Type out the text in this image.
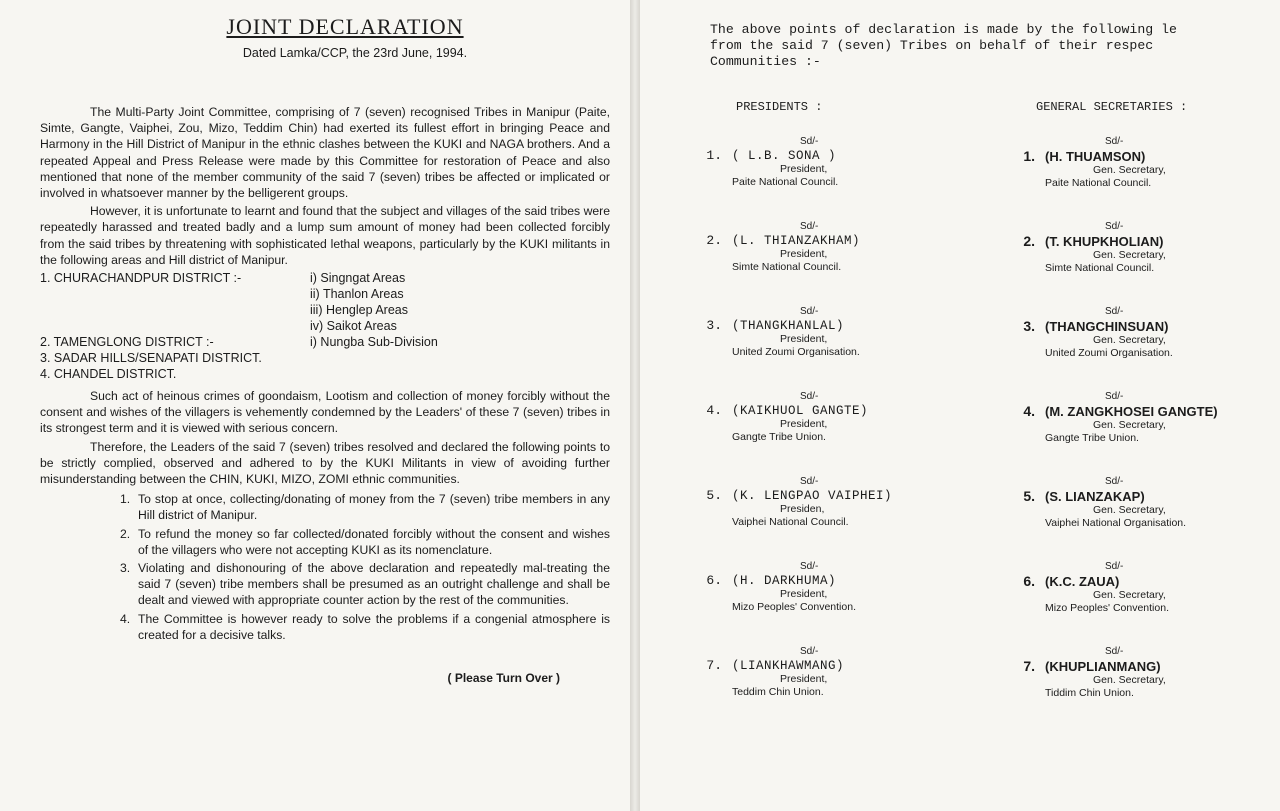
JOINT DECLARATION
Dated Lamka/CCP, the 23rd June, 1994.

The Multi-Party Joint Committee, comprising of 7 (seven) recognised Tribes in Manipur (Paite, Simte, Gangte, Vaiphei, Zou, Mizo, Teddim Chin) had exerted its fullest effort in bringing Peace and Harmony in the Hill District of Manipur in the ethnic clashes between the KUKI and NAGA brothers. And a repeated Appeal and Press Release were made by this Committee for restoration of Peace and also mentioned that none of the member community of the said 7 (seven) tribes be affected or implicated or involved in whatsoever manner by the belligerent groups.

However, it is unfortunate to learnt and found that the subject and villages of the said tribes were repeatedly harassed and treated badly and a lump sum amount of money had been collected forcibly from the said tribes by threatening with sophisticated lethal weapons, particularly by the KUKI militants in the following areas and Hill district of Manipur.

1. CHURACHANDPUR DISTRICT :-	i) Singngat Areas
ii) Thanlon Areas
iii) Henglep Areas
iv) Saikot Areas
2. TAMENGLONG DISTRICT :-	i) Nungba Sub-Division
3. SADAR HILLS/SENAPATI DISTRICT.
4. CHANDEL DISTRICT.

Such act of heinous crimes of goondaism, Lootism and collection of money forcibly without the consent and wishes of the villagers is vehemently condemned by the Leaders' of these 7 (seven) tribes in its strongest term and it is viewed with serious concern.

Therefore, the Leaders of the said 7 (seven) tribes resolved and declared the following points to be strictly complied, observed and adhered to by the KUKI Militants in view of avoiding further misunderstanding between the CHIN, KUKI, MIZO, ZOMI ethnic communities.

1. To stop at once, collecting/donating of money from the 7 (seven) tribe members in any Hill district of Manipur.
2. To refund the money so far collected/donated forcibly without the consent and wishes of the villagers who were not accepting KUKI as its nomenclature.
3. Violating and dishonouring of the above declaration and repeatedly mal-treating the said 7 (seven) tribe members shall be presumed as an outright challenge and shall be dealt and viewed with appropriate counter action by the rest of the communities.
4. The Committee is however ready to solve the problems if a congenial atmosphere is created for a decisive talks.
( Please Turn Over )
The above points of declaration is made by the following le
from the said 7 (seven) Tribes on behalf of their respec
Communities :-
PRESIDENTS :	GENERAL SECRETARIES :
Sd/-
1. ( L.B. SONA )
President,
Paite National Council.
Sd/-
1. (H. THUAMSON)
Gen. Secretary,
Paite National Council.
Sd/-
2. (L. THIANZAKHAM)
President,
Simte National Council.
Sd/-
2. (T. KHUPKHOLIAN)
Gen. Secretary,
Simte National Council.
Sd/-
3. (THANGKHANLAL)
President,
United Zoumi Organisation.
Sd/-
3. (THANGCHINSUAN)
Gen. Secretary,
United Zoumi Organisation.
Sd/-
4. (KAIKHUOL GANGTE)
President,
Gangte Tribe Union.
Sd/-
4. (M. ZANGKHOSEI GANGTE)
Gen. Secretary,
Gangte Tribe Union.
Sd/-
5. (K. LENGPAO VAIPHEI)
Presiden,
Vaiphei National Council.
Sd/-
5. (S. LIANZAKAP)
Gen. Secretary,
Vaiphei National Organisation.
Sd/-
6. (H. DARKHUMA)
President,
Mizo Peoples' Convention.
Sd/-
6. (K.C. ZAUA)
Gen. Secretary,
Mizo Peoples' Convention.
Sd/-
7. (LIANKHAWMANG)
President,
Teddim Chin Union.
Sd/-
7. (KHUPLIANMANG)
Gen. Secretary,
Tiddim Chin Union.
